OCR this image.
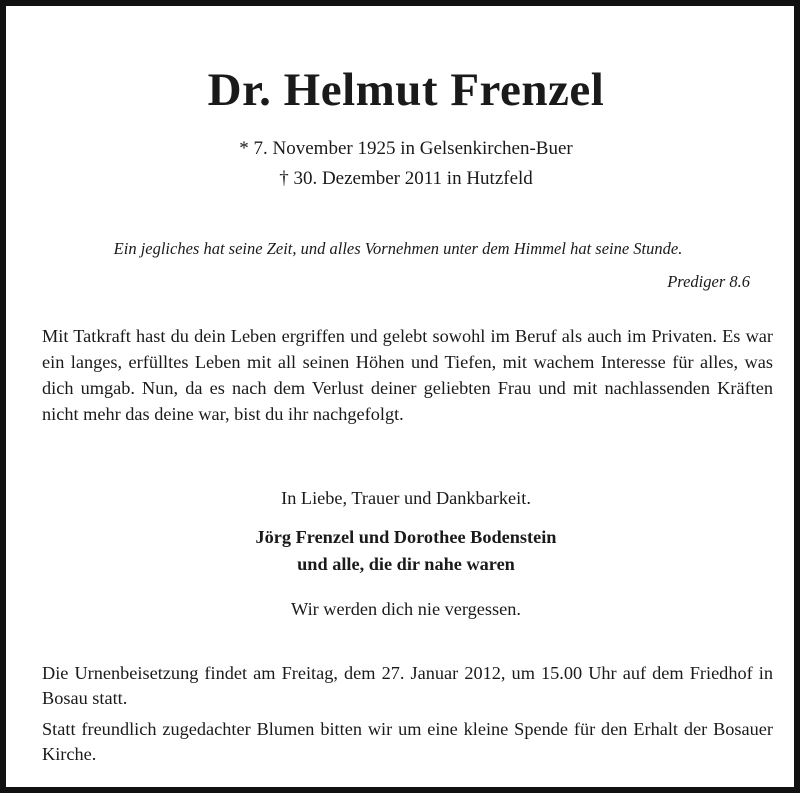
Dr. Helmut Frenzel
* 7. November 1925 in Gelsenkirchen-Buer
† 30. Dezember 2011 in Hutzfeld
Ein jegliches hat seine Zeit, und alles Vornehmen unter dem Himmel hat seine Stunde.
Prediger 8.6
Mit Tatkraft hast du dein Leben ergriffen und gelebt sowohl im Beruf als auch im Privaten. Es war ein langes, erfülltes Leben mit all seinen Höhen und Tiefen, mit wachem Interesse für alles, was dich umgab. Nun, da es nach dem Verlust deiner geliebten Frau und mit nachlassenden Kräften nicht mehr das deine war, bist du ihr nachgefolgt.
In Liebe, Trauer und Dankbarkeit.
Jörg Frenzel und Dorothee Bodenstein
und alle, die dir nahe waren
Wir werden dich nie vergessen.

Die Urnenbeisetzung findet am Freitag, dem 27. Januar 2012, um 15.00 Uhr auf dem Friedhof in Bosau statt.

Statt freundlich zugedachter Blumen bitten wir um eine kleine Spende für den Erhalt der Bosauer Kirche.
